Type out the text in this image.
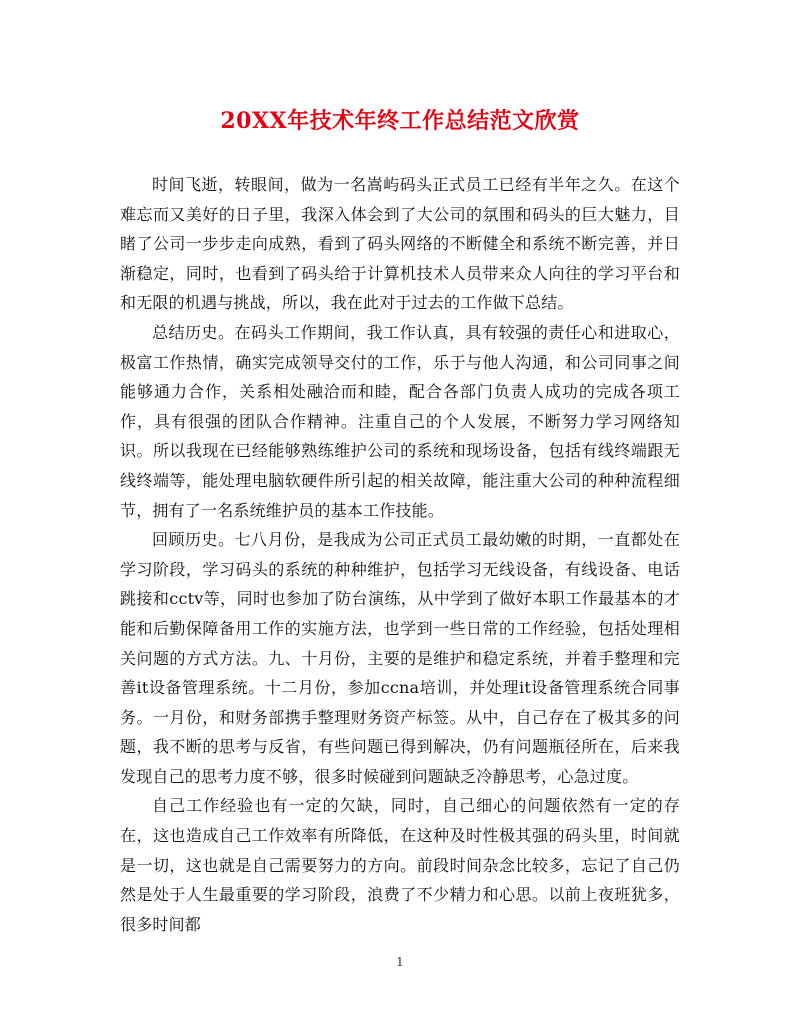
20XX年技术年终工作总结范文欣赏

时间飞逝，转眼间，做为一名嵩屿码头正式员工已经有半年之久。在这个难忘而又美好的日子里，我深入体会到了大公司的氛围和码头的巨大魅力，目睹了公司一步步走向成熟，看到了码头网络的不断健全和系统不断完善，并日渐稳定，同时，也看到了码头给于计算机技术人员带来众人向往的学习平台和和无限的机遇与挑战，所以，我在此对于过去的工作做下总结。

总结历史。在码头工作期间，我工作认真，具有较强的责任心和进取心，极富工作热情，确实完成领导交付的工作，乐于与他人沟通，和公司同事之间能够通力合作，关系相处融洽而和睦，配合各部门负责人成功的完成各项工作，具有很强的团队合作精神。注重自己的个人发展，不断努力学习网络知识。所以我现在已经能够熟练维护公司的系统和现场设备，包括有线终端跟无线终端等，能处理电脑软硬件所引起的相关故障，能注重大公司的种种流程细节，拥有了一名系统维护员的基本工作技能。

回顾历史。七八月份，是我成为公司正式员工最幼嫩的时期，一直都处在学习阶段，学习码头的系统的种种维护，包括学习无线设备，有线设备、电话跳接和cctv等，同时也参加了防台演练，从中学到了做好本职工作最基本的才能和后勤保障备用工作的实施方法，也学到一些日常的工作经验，包括处理相关问题的方式方法。九、十月份，主要的是维护和稳定系统，并着手整理和完善it设备管理系统。十二月份，参加ccna培训，并处理it设备管理系统合同事务。一月份，和财务部携手整理财务资产标签。从中，自己存在了极其多的问题，我不断的思考与反省，有些问题已得到解决，仍有问题瓶径所在，后来我发现自己的思考力度不够，很多时候碰到问题缺乏冷静思考，心急过度。

自己工作经验也有一定的欠缺，同时，自己细心的问题依然有一定的存在，这也造成自己工作效率有所降低，在这种及时性极其强的码头里，时间就是一切，这也就是自己需要努力的方向。前段时间杂念比较多，忘记了自己仍然是处于人生最重要的学习阶段，浪费了不少精力和心思。以前上夜班犹多，很多时间都

1
